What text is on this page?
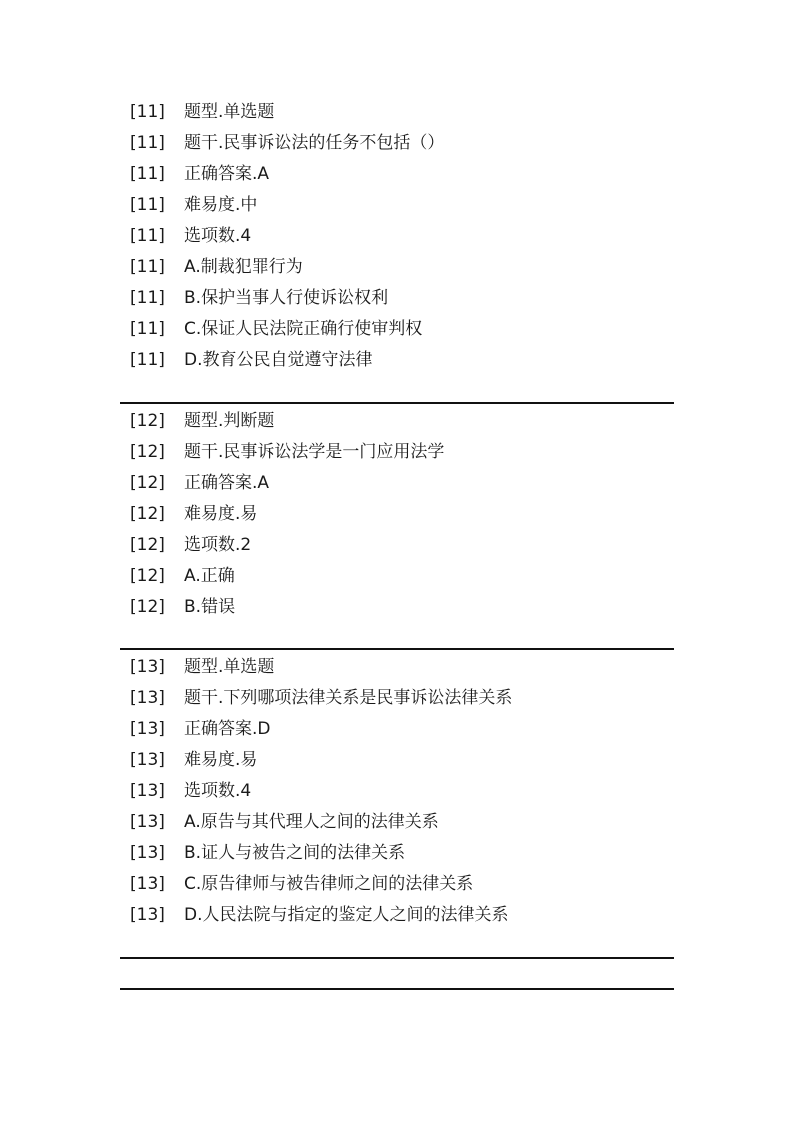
[11] 题型.单选题
[11] 题干.民事诉讼法的任务不包括（）
[11] 正确答案.A
[11] 难易度.中
[11] 选项数.4
[11] A.制裁犯罪行为
[11] B.保护当事人行使诉讼权利
[11] C.保证人民法院正确行使审判权
[11] D.教育公民自觉遵守法律
[12] 题型.判断题
[12] 题干.民事诉讼法学是一门应用法学
[12] 正确答案.A
[12] 难易度.易
[12] 选项数.2
[12] A.正确
[12] B.错误
[13] 题型.单选题
[13] 题干.下列哪项法律关系是民事诉讼法律关系
[13] 正确答案.D
[13] 难易度.易
[13] 选项数.4
[13] A.原告与其代理人之间的法律关系
[13] B.证人与被告之间的法律关系
[13] C.原告律师与被告律师之间的法律关系
[13] D.人民法院与指定的鉴定人之间的法律关系
